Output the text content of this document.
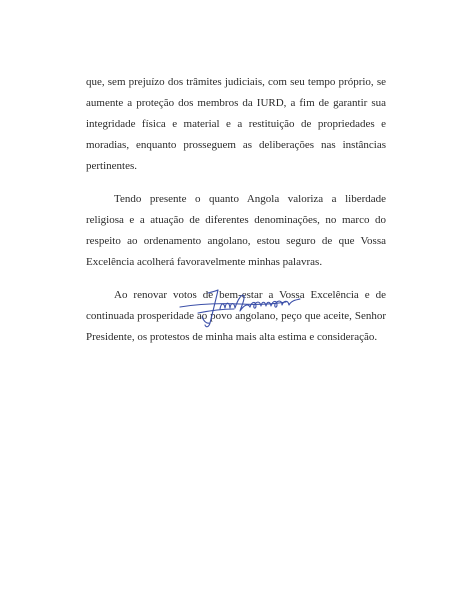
que, sem prejuízo dos trâmites judiciais, com seu tempo próprio, se aumente a proteção dos membros da IURD, a fim de garantir sua integridade física e material e a restituição de propriedades e moradias, enquanto prosseguem as deliberações nas instâncias pertinentes.

Tendo presente o quanto Angola valoriza a liberdade religiosa e a atuação de diferentes denominações, no marco do respeito ao ordenamento angolano, estou seguro de que Vossa Excelência acolherá favoravelmente minhas palavras.

Ao renovar votos de bem-estar a Vossa Excelência e de continuada prosperidade ao povo angolano, peço que aceite, Senhor Presidente, os protestos de minha mais alta estima e consideração.
